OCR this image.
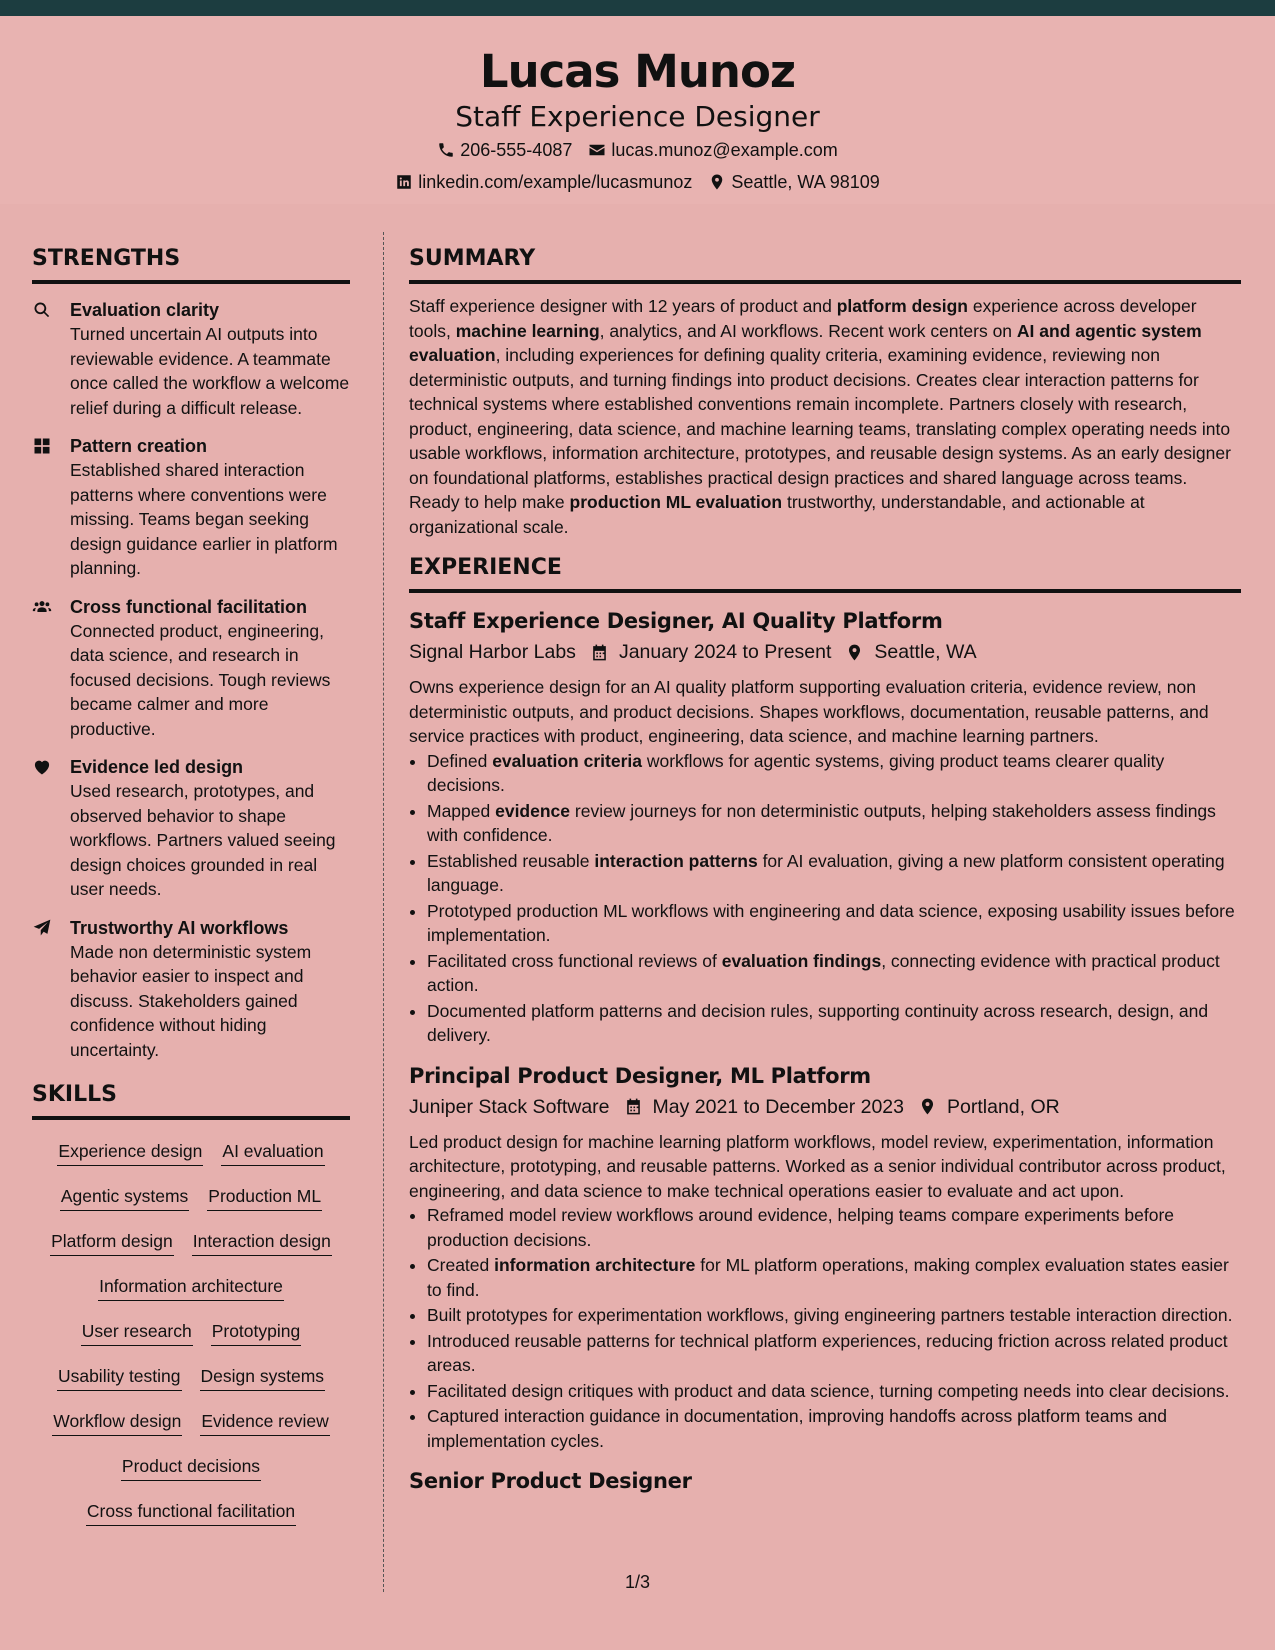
Lucas Munoz
Staff Experience Designer
206-555-4087 lucas.munoz@example.com
linkedin.com/example/lucasmunoz Seattle, WA 98109
STRENGTHS
Evaluation clarity
Turned uncertain AI outputs into reviewable evidence. A teammate once called the workflow a welcome relief during a difficult release.
Pattern creation
Established shared interaction patterns where conventions were missing. Teams began seeking design guidance earlier in platform planning.
Cross functional facilitation
Connected product, engineering, data science, and research in focused decisions. Tough reviews became calmer and more productive.
Evidence led design
Used research, prototypes, and observed behavior to shape workflows. Partners valued seeing design choices grounded in real user needs.
Trustworthy AI workflows
Made non deterministic system behavior easier to inspect and discuss. Stakeholders gained confidence without hiding uncertainty.
SKILLS
Experience design AI evaluation
Agentic systems Production ML
Platform design Interaction design
Information architecture
User research Prototyping
Usability testing Design systems
Workflow design Evidence review
Product decisions
Cross functional facilitation
SUMMARY

Staff experience designer with 12 years of product and platform design experience across developer tools, machine learning, analytics, and AI workflows. Recent work centers on AI and agentic system evaluation, including experiences for defining quality criteria, examining evidence, reviewing non deterministic outputs, and turning findings into product decisions. Creates clear interaction patterns for technical systems where established conventions remain incomplete. Partners closely with research, product, engineering, data science, and machine learning teams, translating complex operating needs into usable workflows, information architecture, prototypes, and reusable design systems. As an early designer on foundational platforms, establishes practical design practices and shared language across teams. Ready to help make production ML evaluation trustworthy, understandable, and actionable at organizational scale.

EXPERIENCE
Staff Experience Designer, AI Quality Platform
Signal Harbor Labs January 2024 to Present Seattle, WA

Owns experience design for an AI quality platform supporting evaluation criteria, evidence review, non deterministic outputs, and product decisions. Shapes workflows, documentation, reusable patterns, and service practices with product, engineering, data science, and machine learning partners.

• Defined evaluation criteria workflows for agentic systems, giving product teams clearer quality decisions.
• Mapped evidence review journeys for non deterministic outputs, helping stakeholders assess findings with confidence.
• Established reusable interaction patterns for AI evaluation, giving a new platform consistent operating language.
• Prototyped production ML workflows with engineering and data science, exposing usability issues before implementation.
• Facilitated cross functional reviews of evaluation findings, connecting evidence with practical product action.
• Documented platform patterns and decision rules, supporting continuity across research, design, and delivery.
Principal Product Designer, ML Platform
Juniper Stack Software May 2021 to December 2023 Portland, OR

Led product design for machine learning platform workflows, model review, experimentation, information architecture, prototyping, and reusable patterns. Worked as a senior individual contributor across product, engineering, and data science to make technical operations easier to evaluate and act upon.

• Reframed model review workflows around evidence, helping teams compare experiments before production decisions.
• Created information architecture for ML platform operations, making complex evaluation states easier to find.
• Built prototypes for experimentation workflows, giving engineering partners testable interaction direction.
• Introduced reusable patterns for technical platform experiences, reducing friction across related product areas.
• Facilitated design critiques with product and data science, turning competing needs into clear decisions.
• Captured interaction guidance in documentation, improving handoffs across platform teams and implementation cycles.
Senior Product Designer
1/3
